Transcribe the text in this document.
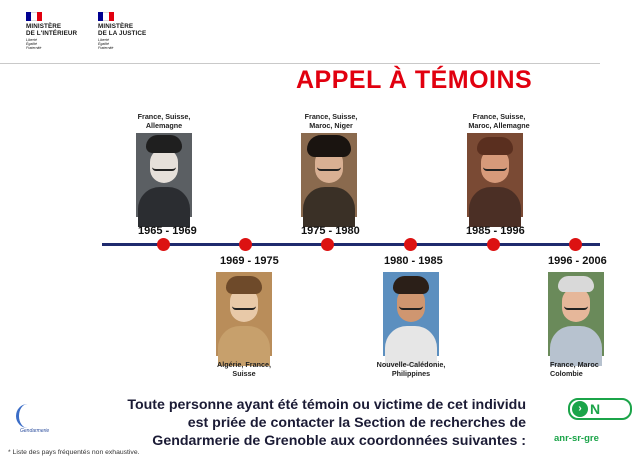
MINISTÈRE
DE L'INTÉRIEUR
Liberté
Égalité
Fraternité
MINISTÈRE
DE LA JUSTICE
Liberté
Égalité
Fraternité
APPEL À TÉMOINS
France, Suisse,
Allemagne
1965 - 1969
France, Suisse,
Maroc, Niger
1975 - 1980
France, Suisse,
Maroc, Allemagne
1985 - 1996
1969 - 1975
Algérie, France,
Suisse
1980 - 1985
Nouvelle-Calédonie,
Philippines
1996 - 2006
France, Maroc
Colombie
Gendarmerie
Toute personne ayant été témoin ou victime de cet individu
est priée de contacter la Section de recherches de
Gendarmerie de Grenoble aux coordonnées suivantes :
› N
anr-sr-gre
* Liste des pays fréquentés non exhaustive.
